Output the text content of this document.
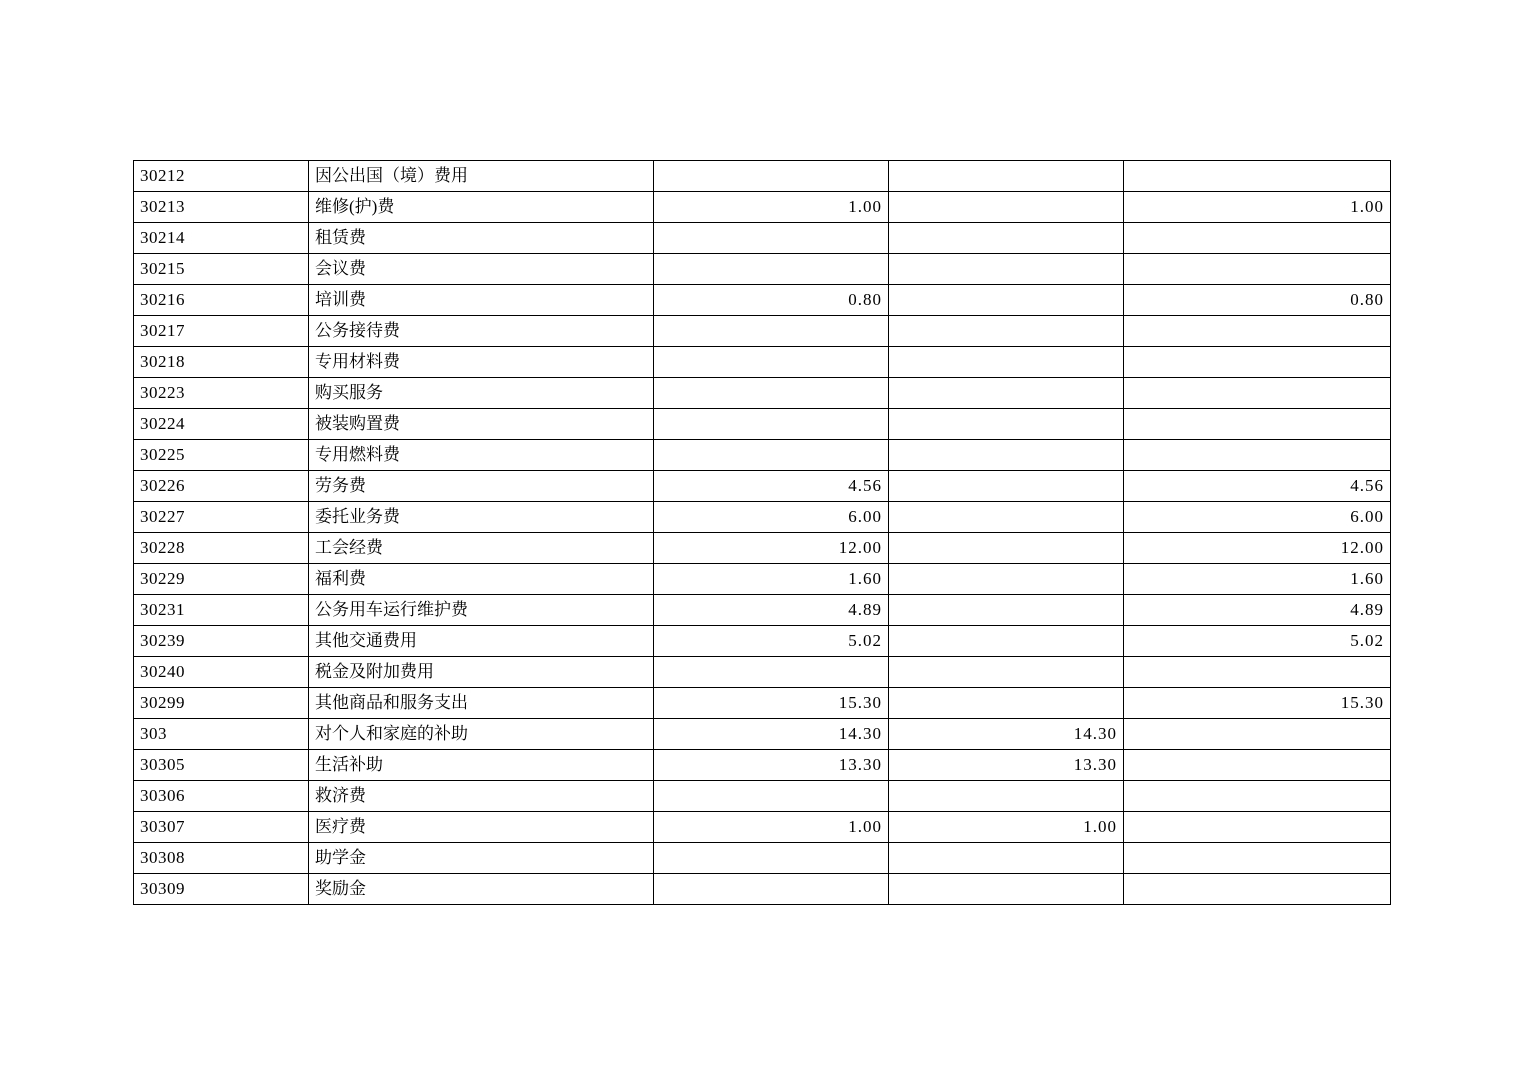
30212	因公出国（境）费用			
30213	维修(护)费	1.00		1.00
30214	租赁费			
30215	会议费			
30216	培训费	0.80		0.80
30217	公务接待费			
30218	专用材料费			
30223	购买服务			
30224	被装购置费			
30225	专用燃料费			
30226	劳务费	4.56		4.56
30227	委托业务费	6.00		6.00
30228	工会经费	12.00		12.00
30229	福利费	1.60		1.60
30231	公务用车运行维护费	4.89		4.89
30239	其他交通费用	5.02		5.02
30240	税金及附加费用			
30299	其他商品和服务支出	15.30		15.30
303	对个人和家庭的补助	14.30	14.30	
30305	生活补助	13.30	13.30	
30306	救济费			
30307	医疗费	1.00	1.00	
30308	助学金			
30309	奖励金			
